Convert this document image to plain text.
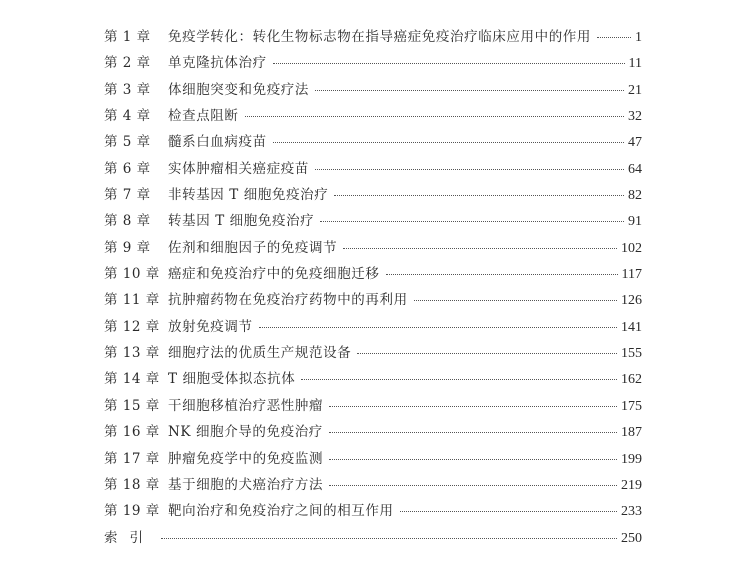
第 1 章	免疫学转化：转化生物标志物在指导癌症免疫治疗临床应用中的作用	1
第 2 章	单克隆抗体治疗	11
第 3 章	体细胞突变和免疫疗法	21
第 4 章	检查点阻断	32
第 5 章	髓系白血病疫苗	47
第 6 章	实体肿瘤相关癌症疫苗	64
第 7 章	非转基因 T 细胞免疫治疗	82
第 8 章	转基因 T 细胞免疫治疗	91
第 9 章	佐剂和细胞因子的免疫调节	102
第 10 章 癌症和免疫治疗中的免疫细胞迁移	117
第 11 章 抗肿瘤药物在免疫治疗药物中的再利用	126
第 12 章 放射免疫调节	141
第 13 章 细胞疗法的优质生产规范设备	155
第 14 章 T 细胞受体拟态抗体	162
第 15 章 干细胞移植治疗恶性肿瘤	175
第 16 章 NK 细胞介导的免疫治疗	187
第 17 章 肿瘤免疫学中的免疫监测	199
第 18 章 基于细胞的犬癌治疗方法	219
第 19 章 靶向治疗和免疫治疗之间的相互作用	233
索引	250
